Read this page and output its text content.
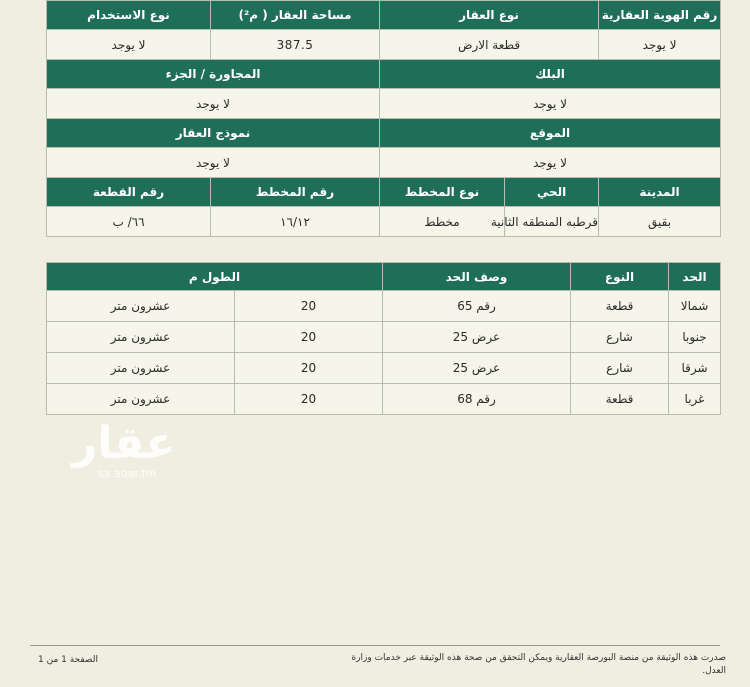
رقم الهوية العقارية	نوع العقار		مساحة العقار ( م²)	نوع الاستخدام
لا يوجد	قطعة الارض		387.5	لا يوجد
البلك			المجاورة / الجزء	
لا يوجد			لا يوجد	
الموقع			نموذج العقار	
لا يوجد			لا يوجد	
المدينة	الحي	نوع المخطط	رقم المخطط	رقم القطعة
بقيق	قرطبه المنطقه الثانية	مخطط	١٦/١٢	٦٦/ ب
الحد	النوع	وصف الحد	الطول م	
شمالا	قطعة	رقم 65	20	عشرون متر
جنوبا	شارع	عرض 25	20	عشرون متر
شرقا	شارع	عرض 25	20	عشرون متر
غربا	قطعة	رقم 68	20	عشرون متر
عقار
sa.aqar.fm
صدرت هذه الوثيقة من منصة البورصة العقارية ويمكن التحقق من صحة هذه الوثيقة عبر خدمات وزارة العدل.
الصفحة 1 من 1
